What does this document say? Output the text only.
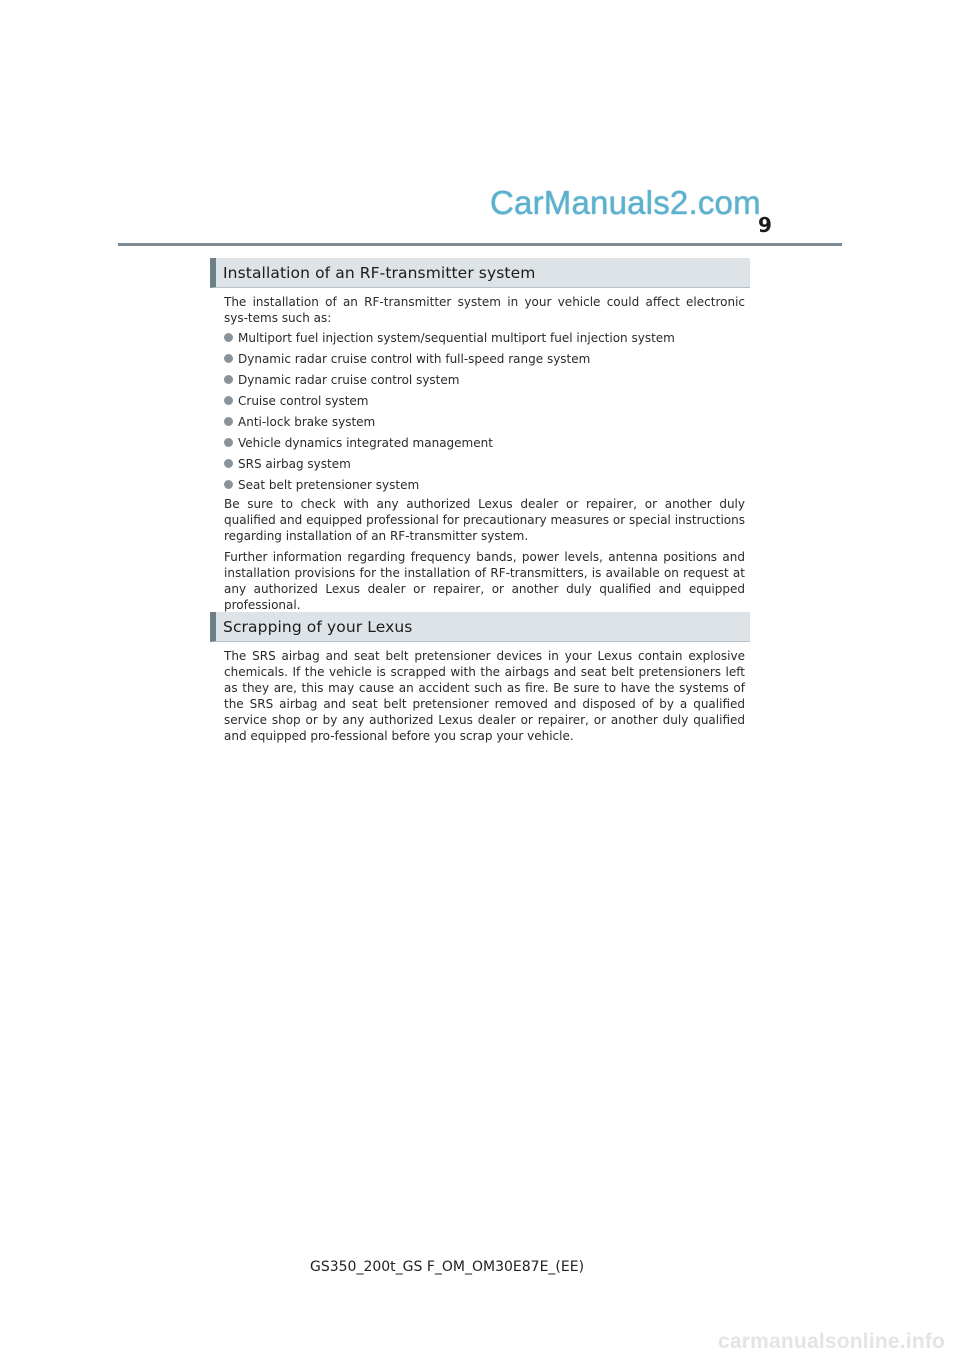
CarManuals2.com
9
Installation of an RF-transmitter system

The installation of an RF-transmitter system in your vehicle could affect electronic sys-tems such as:

Multiport fuel injection system/sequential multiport fuel injection system
Dynamic radar cruise control with full-speed range system
Dynamic radar cruise control system
Cruise control system
Anti-lock brake system
Vehicle dynamics integrated management
SRS airbag system
Seat belt pretensioner system

Be sure to check with any authorized Lexus dealer or repairer, or another duly qualified and equipped professional for precautionary measures or special instructions regarding installation of an RF-transmitter system.

Further information regarding frequency bands, power levels, antenna positions and installation provisions for the installation of RF-transmitters, is available on request at any authorized Lexus dealer or repairer, or another duly qualified and equipped professional.

Scrapping of your Lexus

The SRS airbag and seat belt pretensioner devices in your Lexus contain explosive chemicals. If the vehicle is scrapped with the airbags and seat belt pretensioners left as they are, this may cause an accident such as fire. Be sure to have the systems of the SRS airbag and seat belt pretensioner removed and disposed of by a qualified service shop or by any authorized Lexus dealer or repairer, or another duly qualified and equipped pro-fessional before you scrap your vehicle.

GS350_200t_GS F_OM_OM30E87E_(EE)
carmanualsonline.info
